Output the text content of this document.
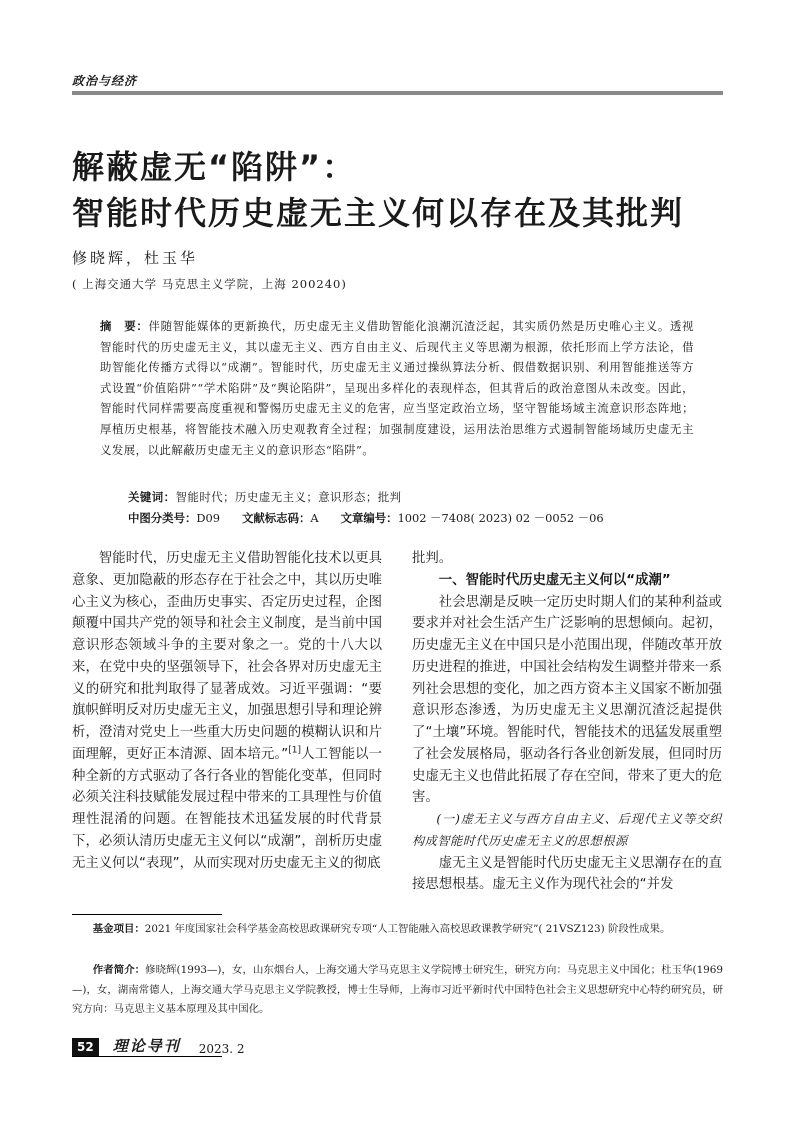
政治与经济
解蔽虚无“陷阱”：
智能时代历史虚无主义何以存在及其批判
修晓辉，杜玉华
( 上海交通大学 马克思主义学院，上海 200240)
摘　要：伴随智能媒体的更新换代，历史虚无主义借助智能化浪潮沉渣泛起，其实质仍然是历史唯心主义。透视智能时代的历史虚无主义，其以虚无主义、西方自由主义、后现代主义等思潮为根源，依托形而上学方法论，借助智能化传播方式得以“成潮”。智能时代，历史虚无主义通过操纵算法分析、假借数据识别、利用智能推送等方式设置“价值陷阱”“学术陷阱”及“舆论陷阱”，呈现出多样化的表现样态，但其背后的政治意图从未改变。因此，智能时代同样需要高度重视和警惕历史虚无主义的危害，应当坚定政治立场，坚守智能场域主流意识形态阵地；厚植历史根基，将智能技术融入历史观教育全过程；加强制度建设，运用法治思维方式遏制智能场域历史虚无主义发展，以此解蔽历史虚无主义的意识形态“陷阱”。
关键词：智能时代；历史虚无主义；意识形态；批判
中图分类号：D09 文献标志码：A 文章编号：1002 －7408( 2023) 02 －0052 －06

智能时代，历史虚无主义借助智能化技术以更具意象、更加隐蔽的形态存在于社会之中，其以历史唯心主义为核心，歪曲历史事实、否定历史过程，企图颠覆中国共产党的领导和社会主义制度，是当前中国意识形态领域斗争的主要对象之一。党的十八大以来，在党中央的坚强领导下，社会各界对历史虚无主义的研究和批判取得了显著成效。习近平强调：“要旗帜鲜明反对历史虚无主义，加强思想引导和理论辨析，澄清对党史上一些重大历史问题的模糊认识和片面理解，更好正本清源、固本培元。”[1]人工智能以一种全新的方式驱动了各行各业的智能化变革，但同时必须关注科技赋能发展过程中带来的工具理性与价值理性混淆的问题。在智能技术迅猛发展的时代背景下，必须认清历史虚无主义何以“成潮”，剖析历史虚无主义何以“表现”，从而实现对历史虚无主义的彻底

批判。

一、智能时代历史虚无主义何以“成潮”

社会思潮是反映一定历史时期人们的某种利益或要求并对社会生活产生广泛影响的思想倾向。起初，历史虚无主义在中国只是小范围出现，伴随改革开放历史进程的推进，中国社会结构发生调整并带来一系列社会思想的变化，加之西方资本主义国家不断加强意识形态渗透，为历史虚无主义思潮沉渣泛起提供了“土壤”环境。智能时代，智能技术的迅猛发展重塑了社会发展格局，驱动各行各业创新发展，但同时历史虚无主义也借此拓展了存在空间，带来了更大的危害。

(一)虚无主义与西方自由主义、后现代主义等交织构成智能时代历史虚无主义的思想根源

虚无主义是智能时代历史虚无主义思潮存在的直接思想根基。虚无主义作为现代社会的“并发

基金项目：2021 年度国家社会科学基金高校思政课研究专项“人工智能融入高校思政课教学研究”( 21VSZ123) 阶段性成果。
作者简介：修晓辉(1993—)，女，山东烟台人，上海交通大学马克思主义学院博士研究生，研究方向：马克思主义中国化；杜玉华(1969—)，女，湖南常德人，上海交通大学马克思主义学院教授，博士生导师，上海市习近平新时代中国特色社会主义思想研究中心特约研究员，研究方向：马克思主义基本原理及其中国化。
52	理论导刊 2023. 2
